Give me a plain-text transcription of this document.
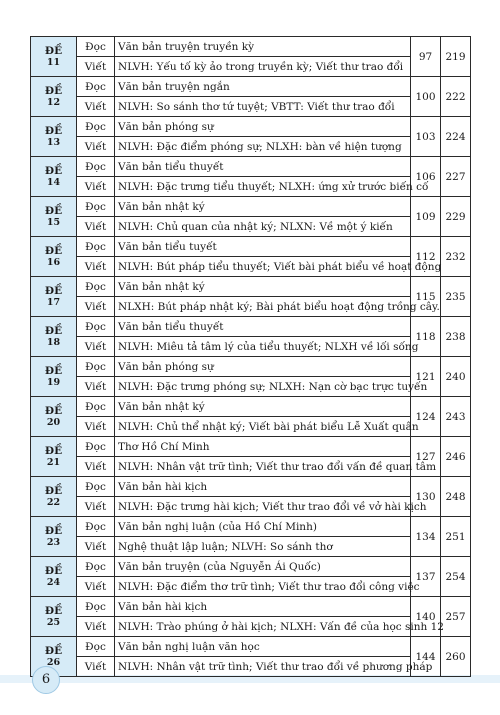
ĐỀ
11	Đọc	Văn bản truyện truyền kỳ	97	219
	Viết	NLVH: Yếu tố kỳ ảo trong truyền kỳ; Viết thư trao đổi		

ĐỀ
12	Đọc	Văn bản truyện ngắn	100	222
	Viết	NLVH: So sánh thơ tứ tuyệt; VBTT: Viết thư trao đổi		

ĐỀ
13	Đọc	Văn bản phóng sự	103	224
	Viết	NLVH: Đặc điểm phóng sự; NLXH: bàn về hiện tượng		

ĐỀ
14	Đọc	Văn bản tiểu thuyết	106	227
	Viết	NLVH: Đặc trưng tiểu thuyết; NLXH: ứng xử trước biến cố		

ĐỀ
15	Đọc	Văn bản nhật ký	109	229
	Viết	NLVH: Chủ quan của nhật ký; NLXN: Về một ý kiến		

ĐỀ
16	Đọc	Văn bản tiểu tuyết	112	232
	Viết	NLVH: Bút pháp tiểu thuyết; Viết bài phát biểu về hoạt động		

ĐỀ
17	Đọc	Văn bản nhật ký	115	235
	Viết	NLXH: Bút pháp nhật ký; Bài phát biểu hoạt động trồng cây.		

ĐỀ
18	Đọc	Văn bản tiểu thuyết	118	238
	Viết	NLVH: Miêu tả tâm lý của tiểu thuyết; NLXH về lối sống		

ĐỀ
19	Đọc	Văn bản phóng sự	121	240
	Viết	NLVH: Đặc trưng phóng sự; NLXH: Nạn cờ bạc trực tuyến		

ĐỀ
20	Đọc	Văn bản nhật ký	124	243
	Viết	NLVH: Chủ thể nhật ký; Viết bài phát biểu Lễ Xuất quân		

ĐỀ
21	Đọc	Thơ Hồ Chí Minh	127	246
	Viết	NLVH: Nhân vật trữ tình; Viết thư trao đổi vấn đề quan tâm		

ĐỀ
22	Đọc	Văn bản hài kịch	130	248
	Viết	NLVH: Đặc trưng hài kịch; Viết thư trao đổi về vở hài kịch		

ĐỀ
23	Đọc	Văn bản nghị luận (của Hồ Chí Minh)	134	251
	Viết	Nghệ thuật lập luận; NLVH: So sánh thơ		

ĐỀ
24	Đọc	Văn bản truyện (của Nguyễn Ái Quốc)	137	254
	Viết	NLVH: Đặc điểm thơ trữ tình; Viết thư trao đổi công việc		

ĐỀ
25	Đọc	Văn bản hài kịch	140	257
	Viết	NLVH: Trào phúng ở hài kịch; NLXH: Vấn đề của học sinh 12		

ĐỀ
26	Đọc	Văn bản nghị luận văn học	144	260
	Viết	NLVH: Nhân vật trữ tình; Viết thư trao đổi về phương pháp		
6
